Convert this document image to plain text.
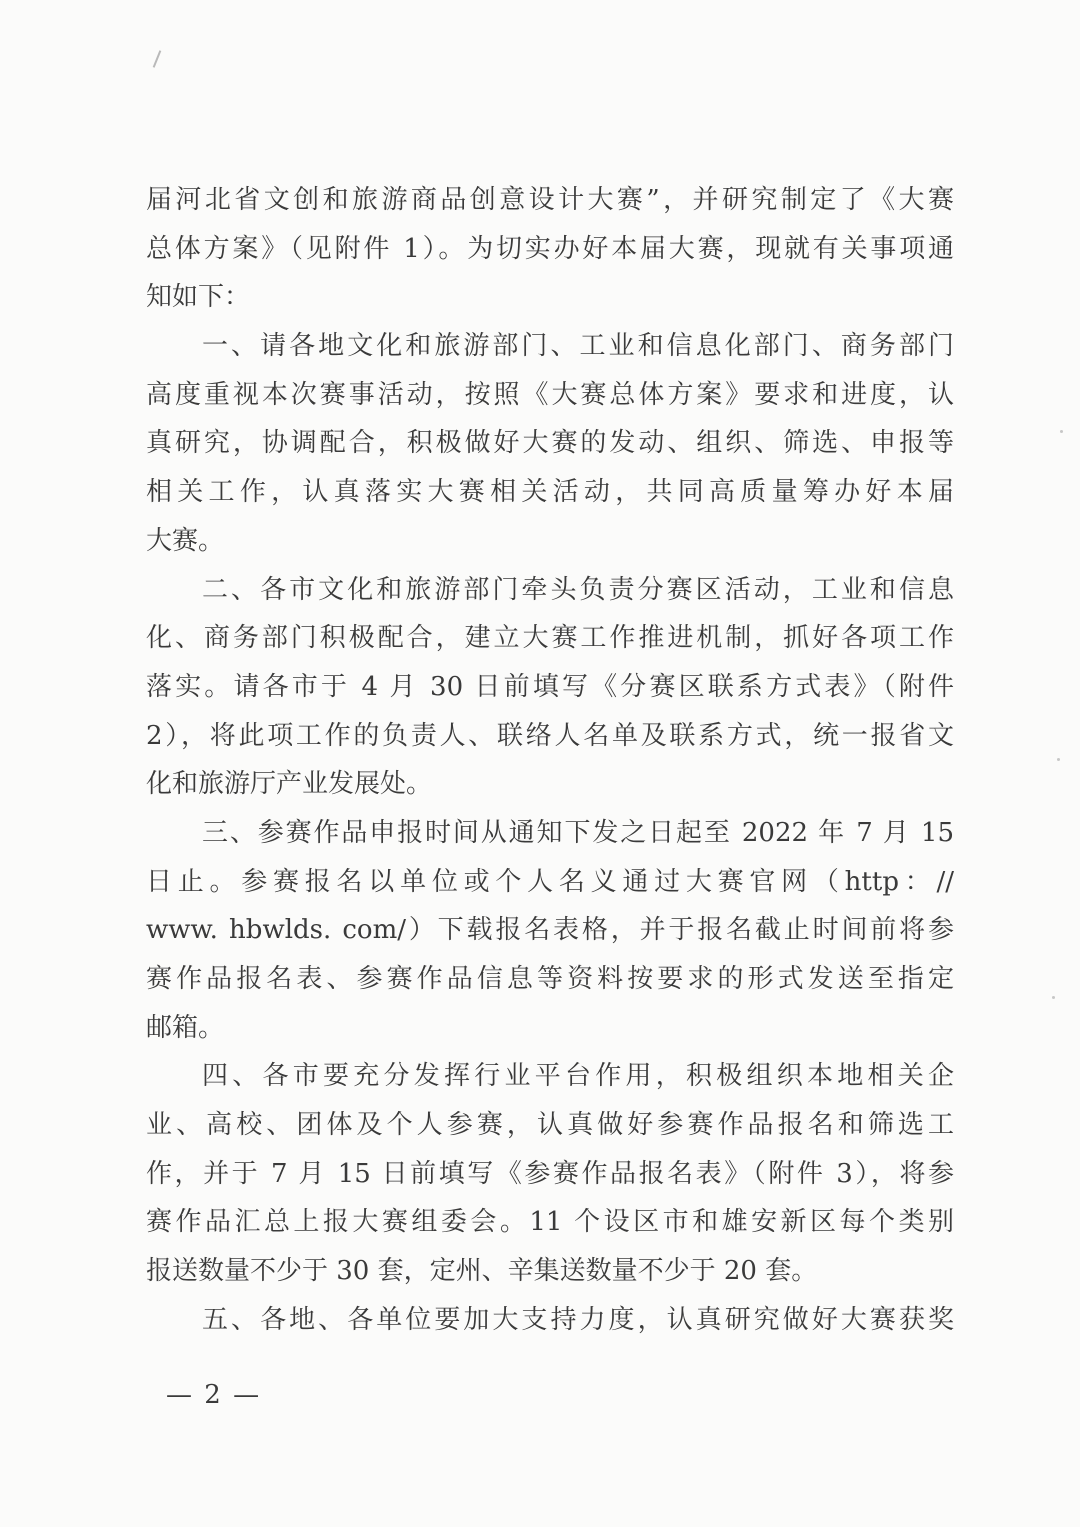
届河北省文创和旅游商品创意设计大赛”，并研究制定了《大赛
总体方案》（见附件 1）。为切实办好本届大赛，现就有关事项通
知如下：
一、请各地文化和旅游部门、工业和信息化部门、商务部门
高度重视本次赛事活动，按照《大赛总体方案》要求和进度，认
真研究，协调配合，积极做好大赛的发动、组织、筛选、申报等
相关工作，认真落实大赛相关活动，共同高质量筹办好本届
大赛。
二、各市文化和旅游部门牵头负责分赛区活动，工业和信息
化、商务部门积极配合，建立大赛工作推进机制，抓好各项工作
落实。请各市于 4 月 30 日前填写《分赛区联系方式表》（附件
2），将此项工作的负责人、联络人名单及联系方式，统一报省文
化和旅游厅产业发展处。
三、参赛作品申报时间从通知下发之日起至 2022 年 7 月 15
日止。参赛报名以单位或个人名义通过大赛官网（http：//
www. hbwlds. com/）下载报名表格，并于报名截止时间前将参
赛作品报名表、参赛作品信息等资料按要求的形式发送至指定
邮箱。
四、各市要充分发挥行业平台作用，积极组织本地相关企
业、高校、团体及个人参赛，认真做好参赛作品报名和筛选工
作，并于 7 月 15 日前填写《参赛作品报名表》（附件 3），将参
赛作品汇总上报大赛组委会。11 个设区市和雄安新区每个类别
报送数量不少于 30 套，定州、辛集送数量不少于 20 套。
五、各地、各单位要加大支持力度，认真研究做好大赛获奖
— 2 —
